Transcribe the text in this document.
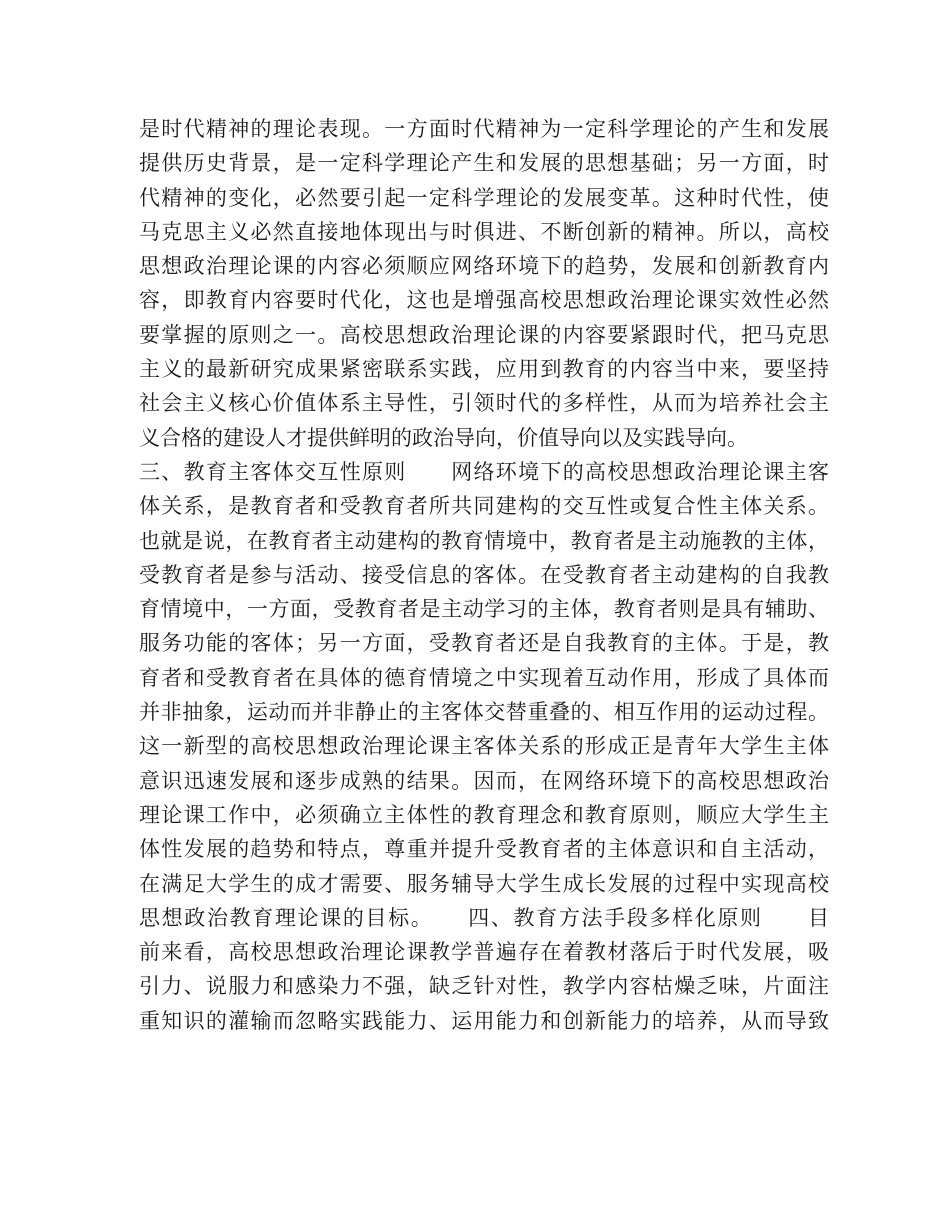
是时代精神的理论表现。一方面时代精神为一定科学理论的产生和发展
提供历史背景，是一定科学理论产生和发展的思想基础；另一方面，时
代精神的变化，必然要引起一定科学理论的发展变革。这种时代性，使
马克思主义必然直接地体现出与时俱进、不断创新的精神。所以，高校
思想政治理论课的内容必须顺应网络环境下的趋势，发展和创新教育内
容，即教育内容要时代化，这也是增强高校思想政治理论课实效性必然
要掌握的原则之一。高校思想政治理论课的内容要紧跟时代，把马克思
主义的最新研究成果紧密联系实践，应用到教育的内容当中来，要坚持
社会主义核心价值体系主导性，引领时代的多样性，从而为培养社会主
义合格的建设人才提供鲜明的政治导向，价值导向以及实践导向。
三、教育主客体交互性原则　　网络环境下的高校思想政治理论课主客
体关系，是教育者和受教育者所共同建构的交互性或复合性主体关系。
也就是说，在教育者主动建构的教育情境中，教育者是主动施教的主体，
受教育者是参与活动、接受信息的客体。在受教育者主动建构的自我教
育情境中，一方面，受教育者是主动学习的主体，教育者则是具有辅助、
服务功能的客体；另一方面，受教育者还是自我教育的主体。于是，教
育者和受教育者在具体的德育情境之中实现着互动作用，形成了具体而
并非抽象，运动而并非静止的主客体交替重叠的、相互作用的运动过程。
这一新型的高校思想政治理论课主客体关系的形成正是青年大学生主体
意识迅速发展和逐步成熟的结果。因而，在网络环境下的高校思想政治
理论课工作中，必须确立主体性的教育理念和教育原则，顺应大学生主
体性发展的趋势和特点，尊重并提升受教育者的主体意识和自主活动，
在满足大学生的成才需要、服务辅导大学生成长发展的过程中实现高校
思想政治教育理论课的目标。　　四、教育方法手段多样化原则　　目
前来看，高校思想政治理论课教学普遍存在着教材落后于时代发展，吸
引力、说服力和感染力不强，缺乏针对性，教学内容枯燥乏味，片面注
重知识的灌输而忽略实践能力、运用能力和创新能力的培养，从而导致
